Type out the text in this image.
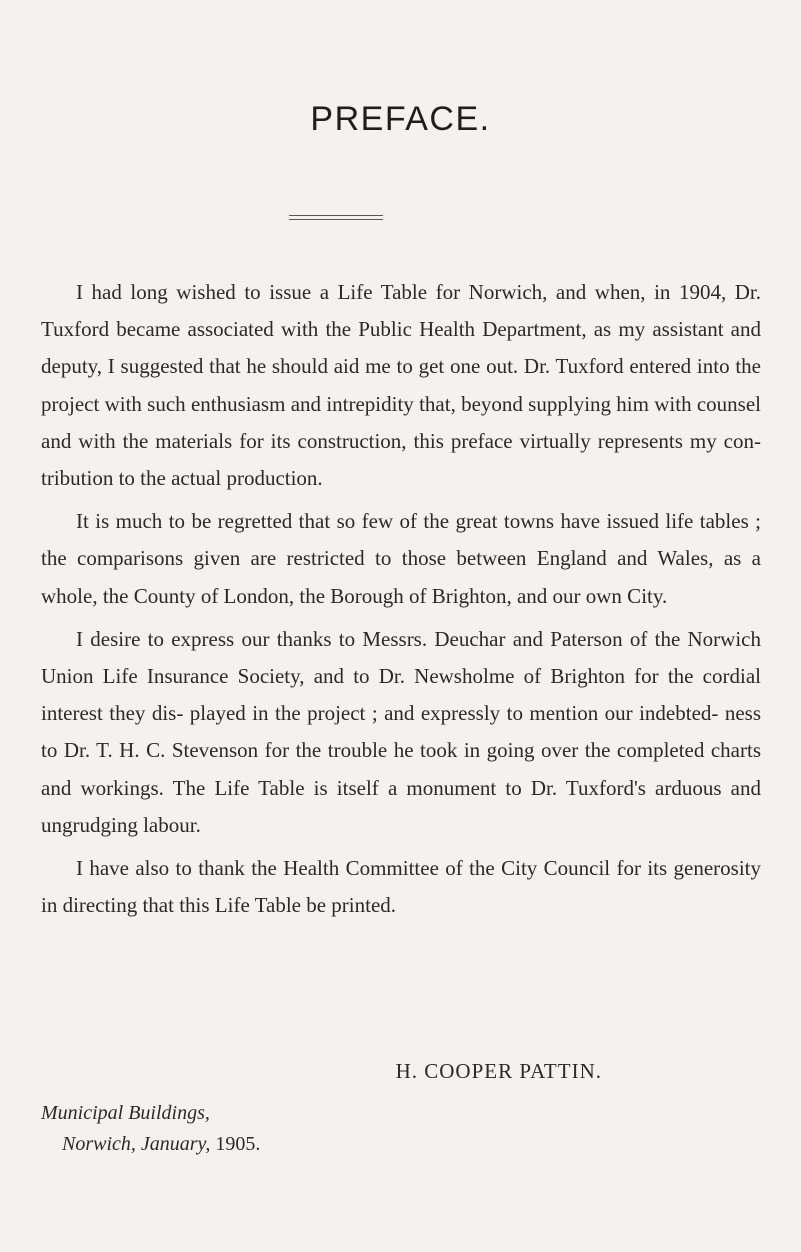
PREFACE.

I had long wished to issue a Life Table for Norwich, and when, in 1904, Dr. Tuxford became associated with the Public Health Department, as my assistant and deputy, I suggested that he should aid me to get one out. Dr. Tuxford entered into the project with such enthusiasm and intrepidity that, beyond supplying him with counsel and with the materials for its construction, this preface virtually represents my con- tribution to the actual production.

It is much to be regretted that so few of the great towns have issued life tables ; the comparisons given are restricted to those between England and Wales, as a whole, the County of London, the Borough of Brighton, and our own City.

I desire to express our thanks to Messrs. Deuchar and Paterson of the Norwich Union Life Insurance Society, and to Dr. Newsholme of Brighton for the cordial interest they dis- played in the project ; and expressly to mention our indebted- ness to Dr. T. H. C. Stevenson for the trouble he took in going over the completed charts and workings. The Life Table is itself a monument to Dr. Tuxford's arduous and ungrudging labour.

I have also to thank the Health Committee of the City Council for its generosity in directing that this Life Table be printed.

H. COOPER PATTIN.
Municipal Buildings,
Norwich, January, 1905.
